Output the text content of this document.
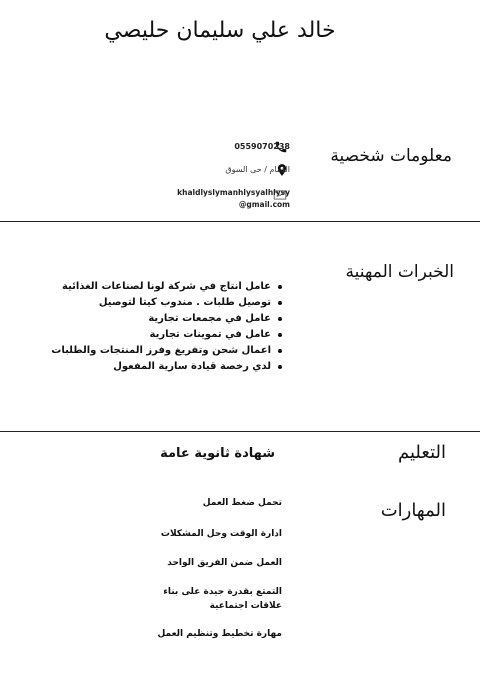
خالد علي سليمان حليصي
معلومات شخصية
0559070238
الدمام / حى السوق
khaldlyslymanhlysyalhlysy@gmail.com
الخبرات المهنية
عامل انتاج في شركة لونا لصناعات الغذائية
توصيل طلبات . مندوب كيتا لتوصيل
عامل في مجمعات تجارية
عامل في تموينات تجارية
اعمال شحن وتفريغ وفرز المنتجات والطلبات
لدي رخصة قيادة سارية المفعول
التعليم
شهادة ثانوية عامة
المهارات
تحمل ضغط العمل
ادارة الوقت وحل المشكلات
العمل ضمن الفريق الواحد
التمتع بقدرة جيدة على بناء علاقات اجتماعية
مهارة تخطيط وتنظيم العمل
